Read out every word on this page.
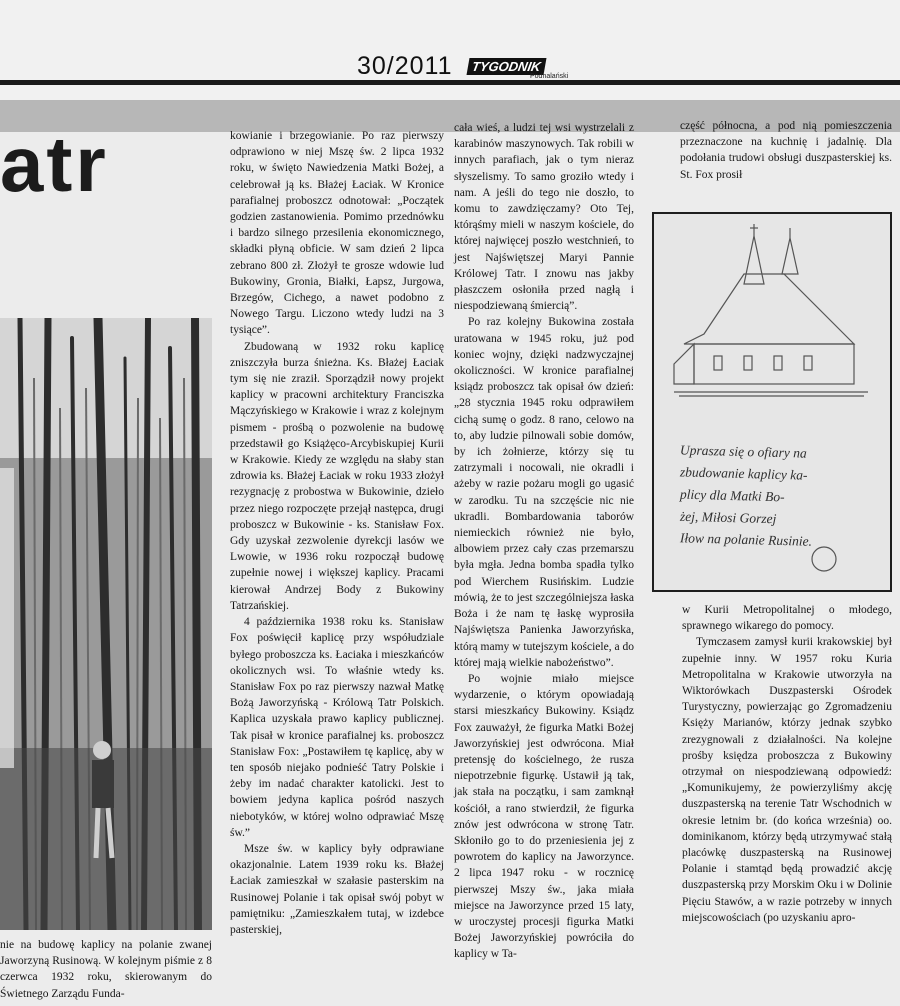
30/2011	TYGODNIK
Podhalański
atr

nie na budowę kaplicy na polanie zwanej Jaworzyną Rusinową. W kolejnym piśmie z 8 czerwca 1932 roku, skierowanym do Świetnego Zarządu Funda-

kowianie i brzegowianie. Po raz pierwszy odprawiono w niej Mszę św. 2 lipca 1932 roku, w święto Nawiedzenia Matki Bożej, a celebrował ją ks. Błażej Łaciak. W Kronice parafialnej proboszcz odnotował: „Początek godzien zastanowienia. Pomimo przednówku i bardzo silnego przesilenia ekonomicznego, składki płyną obficie. W sam dzień 2 lipca zebrano 800 zł. Złożył te grosze wdowie lud Bukowiny, Gronia, Białki, Łapsz, Jurgowa, Brzegów, Cichego, a nawet podobno z Nowego Targu. Liczono wtedy ludzi na 3 tysiące”.

Zbudowaną w 1932 roku kaplicę zniszczyła burza śnieżna. Ks. Błażej Łaciak tym się nie zraził. Sporządził nowy projekt kaplicy w pracowni architektury Franciszka Mączyńskiego w Krakowie i wraz z kolejnym pismem - prośbą o pozwolenie na budowę przedstawił go Książęco-Arcybiskupiej Kurii w Krakowie. Kiedy ze względu na słaby stan zdrowia ks. Błażej Łaciak w roku 1933 złożył rezygnację z probostwa w Bukowinie, dzieło przez niego rozpoczęte przejął następca, drugi proboszcz w Bukowinie - ks. Stanisław Fox. Gdy uzyskał zezwolenie dyrekcji lasów we Lwowie, w 1936 roku rozpoczął budowę zupełnie nowej i większej kaplicy. Pracami kierował Andrzej Body z Bukowiny Tatrzańskiej.

4 października 1938 roku ks. Stanisław Fox poświęcił kaplicę przy współudziale byłego proboszcza ks. Łaciaka i mieszkańców okolicznych wsi. To właśnie wtedy ks. Stanisław Fox po raz pierwszy nazwał Matkę Bożą Jaworzyńską - Królową Tatr Polskich. Kaplica uzyskała prawo kaplicy publicznej. Tak pisał w kronice parafialnej ks. proboszcz Stanisław Fox: „Postawiłem tę kaplicę, aby w ten sposób niejako podnieść Tatry Polskie i żeby im nadać charakter katolicki. Jest to bowiem jedyna kaplica pośród naszych niebotyków, w której wolno odprawiać Mszę św.”

Msze św. w kaplicy były odprawiane okazjonalnie. Latem 1939 roku ks. Błażej Łaciak zamieszkał w szałasie pasterskim na Rusinowej Polanie i tak opisał swój pobyt w pamiętniku: „Zamieszkałem tutaj, w izdebce pasterskiej,

cała wieś, a ludzi tej wsi wystrzelali z karabinów maszynowych. Tak robili w innych parafiach, jak o tym nieraz słyszelismy. To samo groziło wtedy i nam. A jeśli do tego nie doszło, to komu to zawdzięczamy? Oto Tej, którąśmy mieli w naszym kościele, do której najwięcej poszło westchnień, to jest Najświętszej Maryi Pannie Królowej Tatr. I znowu nas jakby płaszczem osłoniła przed nagłą i niespodziewaną śmiercią”.

Po raz kolejny Bukowina została uratowana w 1945 roku, już pod koniec wojny, dzięki nadzwyczajnej okoliczności. W kronice parafialnej ksiądz proboszcz tak opisał ów dzień: „28 stycznia 1945 roku odprawiłem cichą sumę o godz. 8 rano, celowo na to, aby ludzie pilnowali sobie domów, by ich żołnierze, którzy się tu zatrzymali i nocowali, nie okradli i ażeby w razie pożaru mogli go ugasić w zarodku. Tu na szczęście nic nie ukradli. Bombardowania taborów niemieckich również nie było, albowiem przez cały czas przemarszu była mgła. Jedna bomba spadła tylko pod Wierchem Rusińskim. Ludzie mówią, że to jest szczególniejsza łaska Boża i że nam tę łaskę wyprosiła Najświętsza Panienka Jaworzyńska, którą mamy w tutejszym kościele, a do której mają wielkie nabożeństwo”.

Po wojnie miało miejsce wydarzenie, o którym opowiadają starsi mieszkańcy Bukowiny. Ksiądz Fox zauważył, że figurka Matki Bożej Jaworzyńskiej jest odwrócona. Miał pretensję do kościelnego, że rusza niepotrzebnie figurkę. Ustawił ją tak, jak stała na początku, i sam zamknął kościół, a rano stwierdził, że figurka znów jest odwrócona w stronę Tatr. Skłoniło go to do przeniesienia jej z powrotem do kaplicy na Jaworzynce. 2 lipca 1947 roku - w rocznicę pierwszej Mszy św., jaka miała miejsce na Jaworzynce przed 15 laty, w uroczystej procesji figurka Matki Bożej Jaworzyńskiej powróciła do kaplicy w Ta-

część północna, a pod nią pomieszczenia przeznaczone na kuchnię i jadalnię. Dla podołania trudowi obsługi duszpasterskiej ks. St. Fox prosił

Uprasza się o ofiary na
zbudowanie kaplicy ka-
plicy dla Matki Bo-
żej, Miłosi Gorzej
Iłow na polanie Rusinie.

w Kurii Metropolitalnej o młodego, sprawnego wikarego do pomocy.

Tymczasem zamysł kurii krakowskiej był zupełnie inny. W 1957 roku Kuria Metropolitalna w Krakowie utworzyła na Wiktorówkach Duszpasterski Ośrodek Turystyczny, powierzając go Zgromadzeniu Księży Marianów, którzy jednak szybko zrezygnowali z działalności. Na kolejne prośby księdza proboszcza z Bukowiny otrzymał on niespodziewaną odpowiedź: „Komunikujemy, że powierzyliśmy akcję duszpasterską na terenie Tatr Wschodnich w okresie letnim br. (do końca września) oo. dominikanom, którzy będą utrzymywać stałą placówkę duszpasterską na Rusinowej Polanie i stamtąd będą prowadzić akcję duszpasterską przy Morskim Oku i w Dolinie Pięciu Stawów, a w razie potrzeby w innych miejscowościach (po uzyskaniu apro-
